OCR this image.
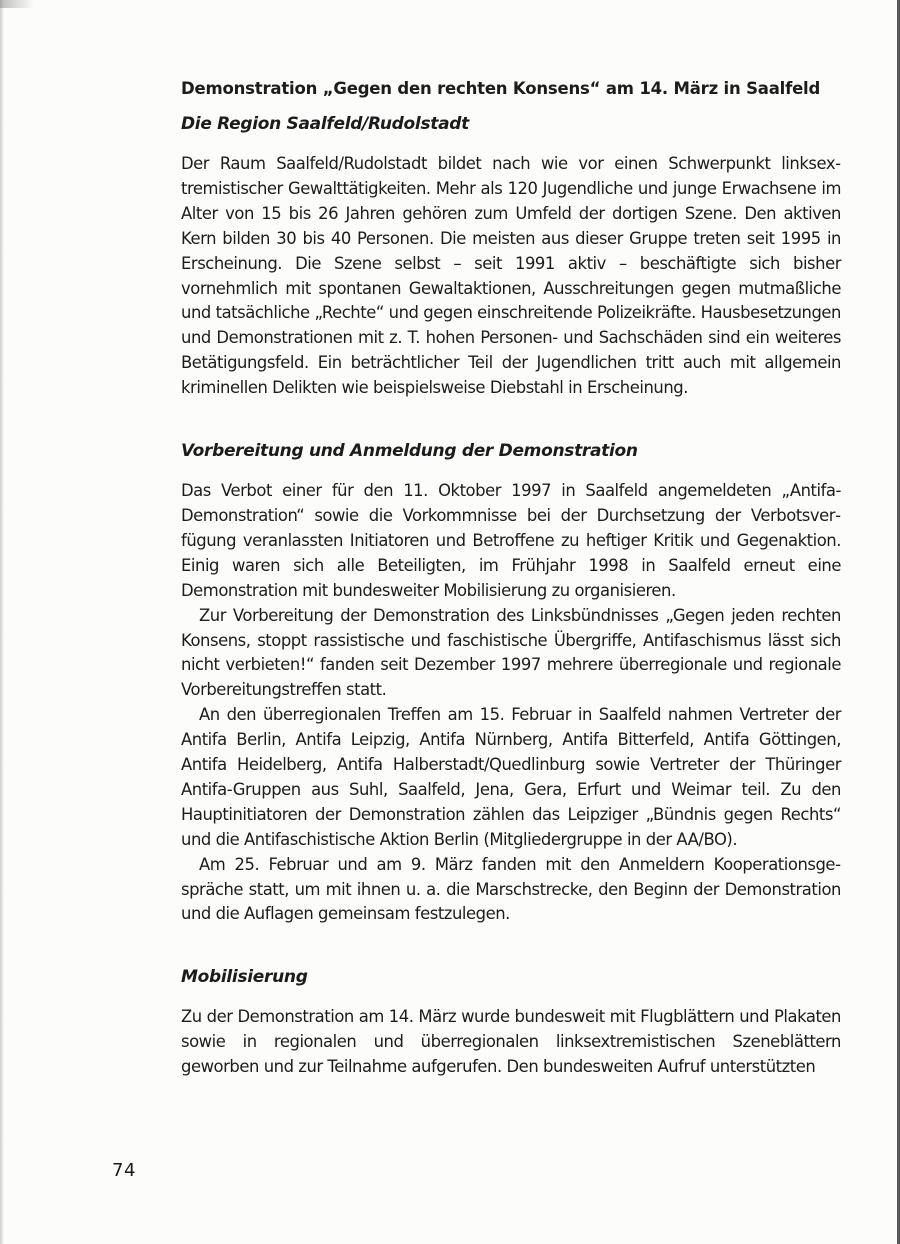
Demonstration „Gegen den rechten Konsens“ am 14. März in Saalfeld
Die Region Saalfeld/Rudolstadt

Der Raum Saalfeld/Rudolstadt bildet nach wie vor einen Schwerpunkt linksextremistischer Gewalttätigkeiten. Mehr als 120 Jugendliche und junge Erwachsene im Alter von 15 bis 26 Jahren gehören zum Umfeld der dortigen Szene. Den aktiven Kern bilden 30 bis 40 Personen. Die meisten aus dieser Gruppe treten seit 1995 in Erscheinung. Die Szene selbst – seit 1991 aktiv – beschäftigte sich bisher vornehmlich mit spontanen Gewaltaktionen, Ausschreitungen gegen mutmaßliche und tatsächliche „Rechte“ und gegen einschreitende Polizeikräfte. Hausbesetzungen und Demonstrationen mit z. T. hohen Personen- und Sachschäden sind ein weiteres Betätigungsfeld. Ein beträchtlicher Teil der Jugendlichen tritt auch mit allgemein kriminellen Delikten wie beispielsweise Diebstahl in Erscheinung.

Vorbereitung und Anmeldung der Demonstration

Das Verbot einer für den 11. Oktober 1997 in Saalfeld angemeldeten „Antifa-Demonstration“ sowie die Vorkommnisse bei der Durchsetzung der Verbotsverfügung veranlassten Initiatoren und Betroffene zu heftiger Kritik und Gegenaktion. Einig waren sich alle Beteiligten, im Frühjahr 1998 in Saalfeld erneut eine Demonstration mit bundesweiter Mobilisierung zu organisieren.

Zur Vorbereitung der Demonstration des Linksbündnisses „Gegen jeden rechten Konsens, stoppt rassistische und faschistische Übergriffe, Antifaschismus lässt sich nicht verbieten!“ fanden seit Dezember 1997 mehrere überregionale und regionale Vorbereitungstreffen statt.

An den überregionalen Treffen am 15. Februar in Saalfeld nahmen Vertreter der Antifa Berlin, Antifa Leipzig, Antifa Nürnberg, Antifa Bitterfeld, Antifa Göttingen, Antifa Heidelberg, Antifa Halberstadt/Quedlinburg sowie Vertreter der Thüringer Antifa-Gruppen aus Suhl, Saalfeld, Jena, Gera, Erfurt und Weimar teil. Zu den Hauptinitiatoren der Demonstration zählen das Leipziger „Bündnis gegen Rechts“ und die Antifaschistische Aktion Berlin (Mitgliedergruppe in der AA/BO).

Am 25. Februar und am 9. März fanden mit den Anmeldern Kooperationsgespräche statt, um mit ihnen u. a. die Marschstrecke, den Beginn der Demonstration und die Auflagen gemeinsam festzulegen.

Mobilisierung

Zu der Demonstration am 14. März wurde bundesweit mit Flugblättern und Plakaten sowie in regionalen und überregionalen linksextremistischen Szeneblättern geworben und zur Teilnahme aufgerufen. Den bundesweiten Aufruf unterstützten

74
